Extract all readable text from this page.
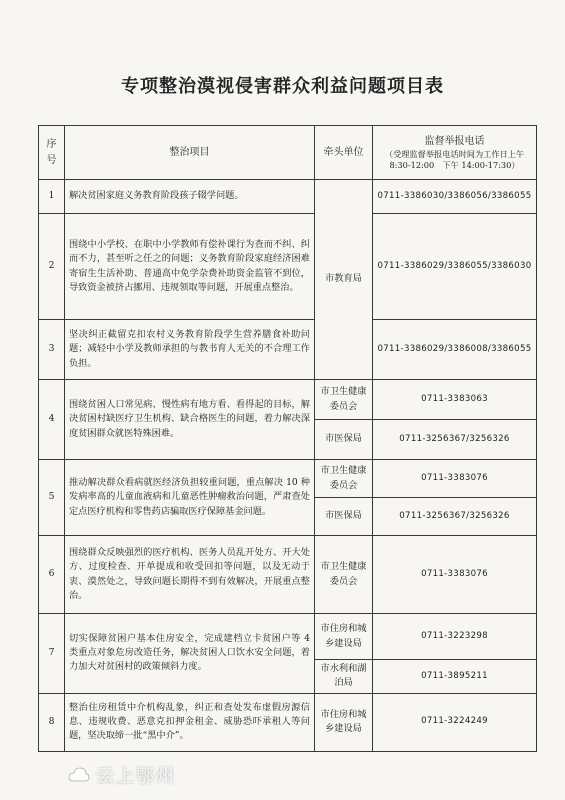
专项整治漠视侵害群众利益问题项目表
序号	整治项目	牵头单位	监督举报电话
（受理监督举报电话时间为工作日上午 8:30-12:00　下午 14:00-17:30）

1	解决贫困家庭义务教育阶段孩子辍学问题。	市教育局	0711-3386030/3386056/3386055
2	围绕中小学校、在职中小学教师有偿补课行为查而不纠、纠而不力，甚至听之任之的问题；义务教育阶段家庭经济困难寄宿生生活补助、普通高中免学杂费补助资金监管不到位，导致资金被挤占挪用、违规领取等问题，开展重点整治。		0711-3386029/3386055/3386030
3	坚决纠正截留克扣农村义务教育阶段学生营养膳食补助问题；减轻中小学及教师承担的与教书育人无关的不合理工作负担。		0711-3386029/3386008/3386055
4	围绕贫困人口常见病、慢性病有地方看、看得起的目标，解决贫困村缺医疗卫生机构、缺合格医生的问题，着力解决深度贫困群众就医特殊困难。	市卫生健康委员会	0711-3383063
		市医保局	0711-3256367/3256326
5	推动解决群众看病就医经济负担较重问题，重点解决 10 种发病率高的儿童血液病和儿童恶性肿瘤救治问题，严肃查处定点医疗机构和零售药店骗取医疗保障基金问题。	市卫生健康委员会	0711-3383076
		市医保局	0711-3256367/3256326
6	围绕群众反映强烈的医疗机构、医务人员乱开处方、开大处方、过度检查、开单提成和收受回扣等问题，以及无动于衷、漠然处之，导致问题长期得不到有效解决，开展重点整治。	市卫生健康委员会	0711-3383076
7	切实保障贫困户基本住房安全，完成建档立卡贫困户等 4 类重点对象危房改造任务，解决贫困人口饮水安全问题，着力加大对贫困村的政策倾斜力度。	市住房和城乡建设局	0711-3223298
		市水利和湖泊局	0711-3895211
8	整治住房租赁中介机构乱象，纠正和查处发布虚假房源信息、违规收费、恶意克扣押金租金、威胁恐吓承租人等问题，坚决取缔一批“黑中介”。	市住房和城乡建设局	0711-3224249
云上鄂州
